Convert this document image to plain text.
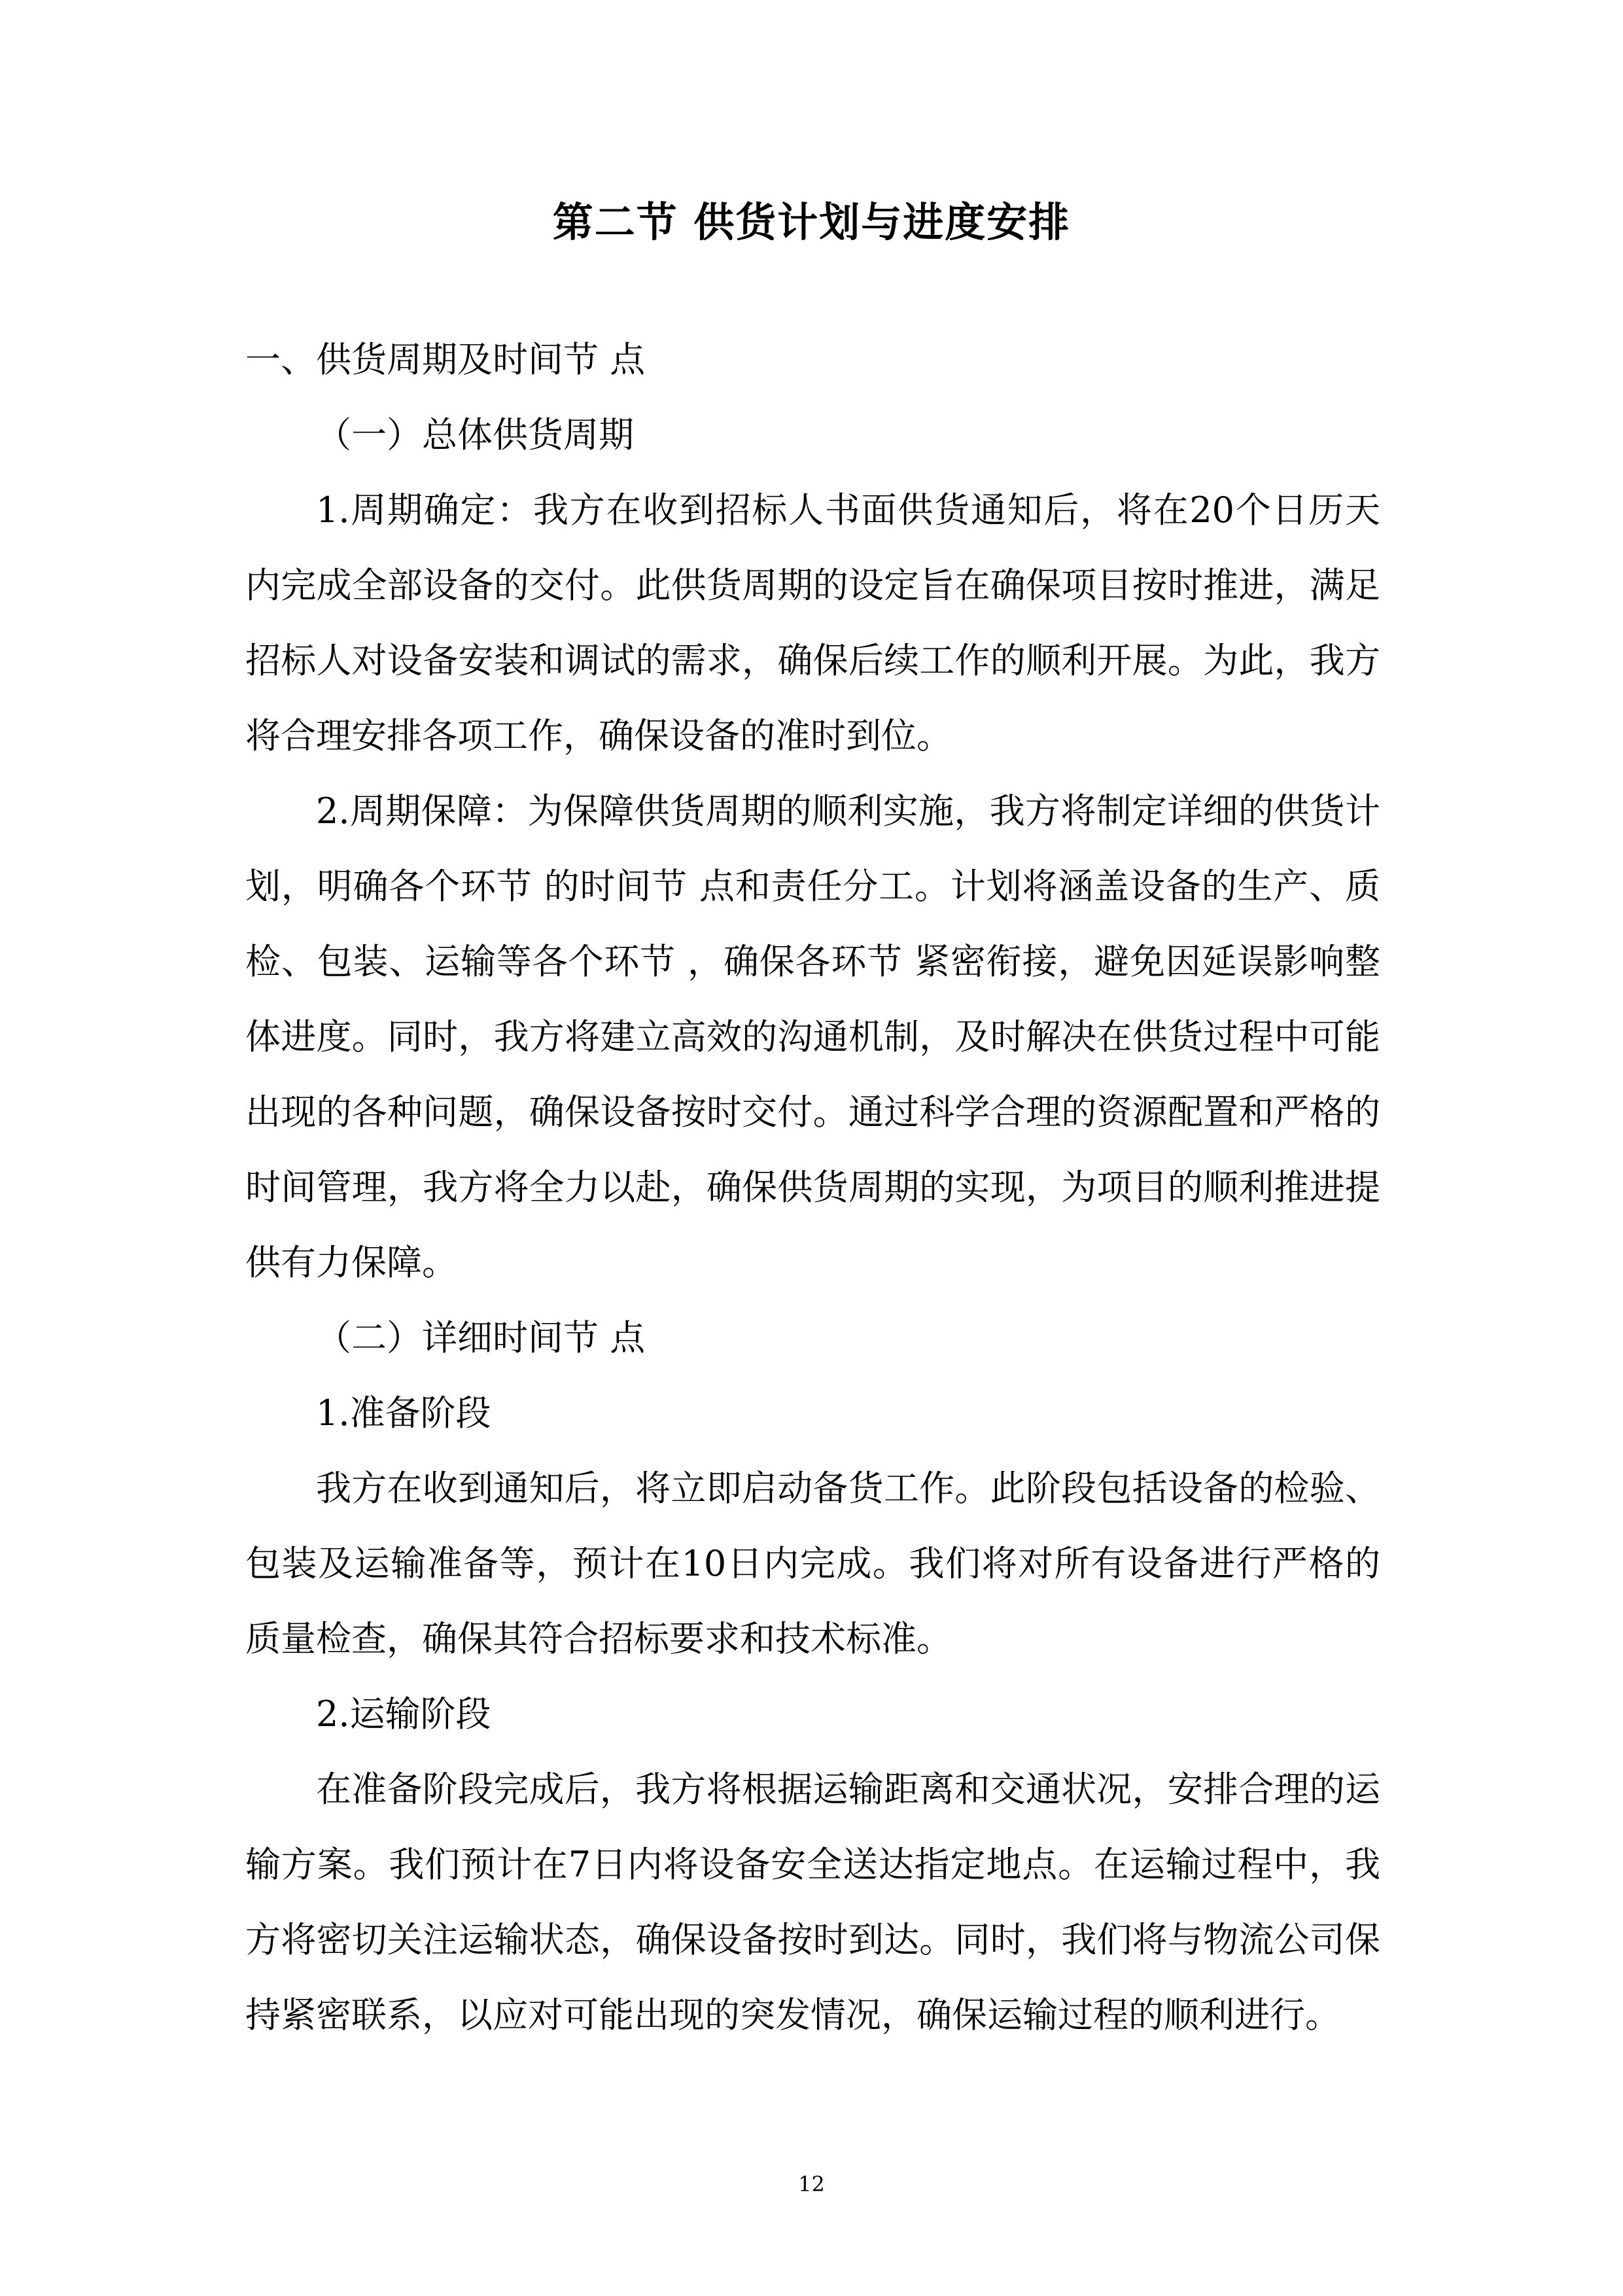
第二节 供货计划与进度安排

一、供货周期及时间节 点

（一）总体供货周期

1.周期确定：我方在收到招标人书面供货通知后，将在20个日历天内完成全部设备的交付。此供货周期的设定旨在确保项目按时推进，满足招标人对设备安装和调试的需求，确保后续工作的顺利开展。为此，我方将合理安排各项工作，确保设备的准时到位。

2.周期保障：为保障供货周期的顺利实施，我方将制定详细的供货计划，明确各个环节 的时间节 点和责任分工。计划将涵盖设备的生产、质检、包装、运输等各个环节 ，确保各环节 紧密衔接，避免因延误影响整体进度。同时，我方将建立高效的沟通机制，及时解决在供货过程中可能出现的各种问题，确保设备按时交付。通过科学合理的资源配置和严格的时间管理，我方将全力以赴，确保供货周期的实现，为项目的顺利推进提供有力保障。

（二）详细时间节 点

1.准备阶段

我方在收到通知后，将立即启动备货工作。此阶段包括设备的检验、包装及运输准备等，预计在10日内完成。我们将对所有设备进行严格的质量检查，确保其符合招标要求和技术标准。

2.运输阶段

在准备阶段完成后，我方将根据运输距离和交通状况，安排合理的运输方案。我们预计在7日内将设备安全送达指定地点。在运输过程中，我方将密切关注运输状态，确保设备按时到达。同时，我们将与物流公司保持紧密联系，以应对可能出现的突发情况，确保运输过程的顺利进行。

12
